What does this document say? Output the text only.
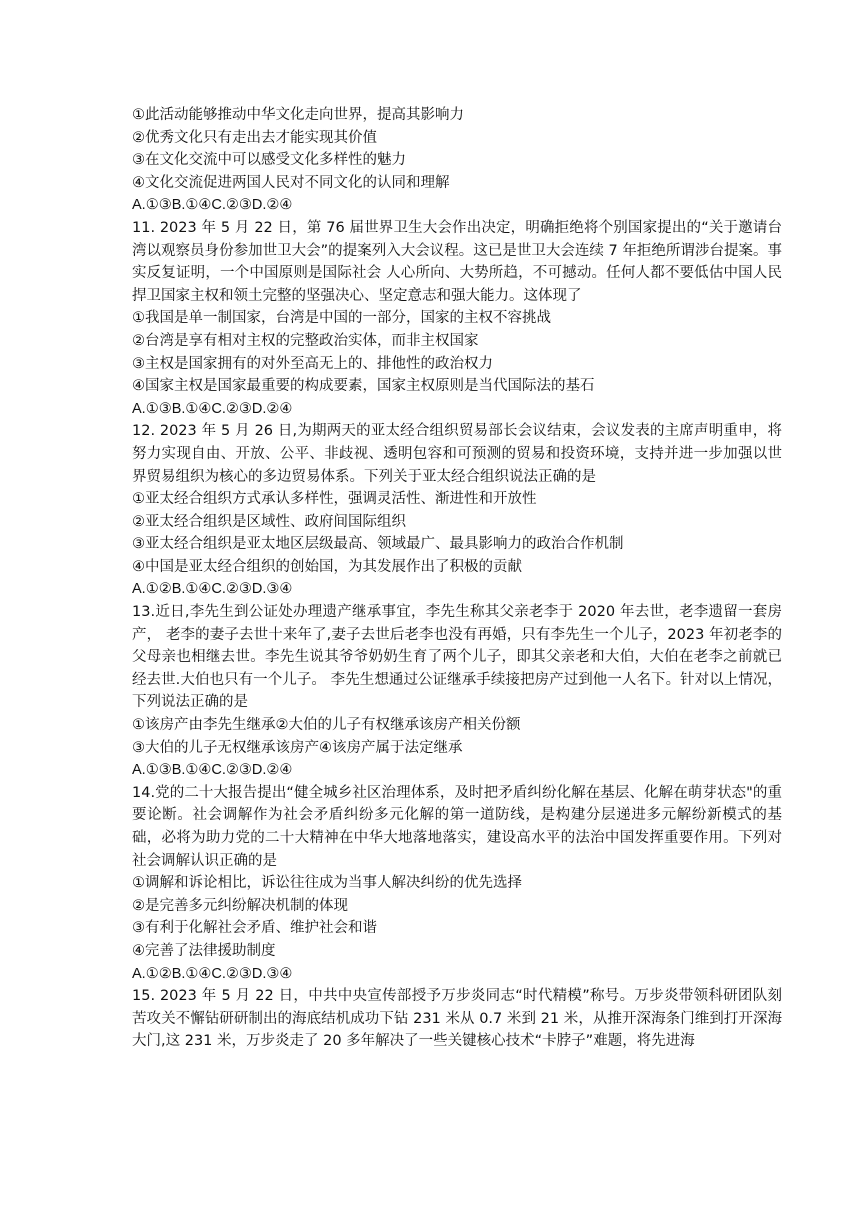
①此活动能够推动中华文化走向世界，提高其影响力

②优秀文化只有走出去才能实现其价值

③在文化交流中可以感受文化多样性的魅力

④文化交流促进两国人民对不同文化的认同和理解

A.①③B.①④C.②③D.②④

11. 2023 年 5 月 22 日，第 76 届世界卫生大会作出决定，明确拒绝将个别国家提出的“关于邀请台湾以观察员身份参加世卫大会”的提案列入大会议程。这已是世卫大会连续 7 年拒绝所谓涉台提案。事实反复证明，一个中国原则是国际社会 人心所向、大势所趋，不可撼动。任何人都不要低估中国人民捍卫国家主权和领土完整的坚强决心、坚定意志和强大能力。这体现了

①我国是单一制国家，台湾是中国的一部分，国家的主权不容挑战

②台湾是享有相对主权的完整政治实体，而非主权国家

③主权是国家拥有的对外至高无上的、排他性的政治权力

④国家主权是国家最重要的构成要素，国家主权原则是当代国际法的基石

A.①③B.①④C.②③D.②④

12. 2023 年 5 月 26 日,为期两天的亚太经合组织贸易部长会议结束，会议发表的主席声明重申，将努力实现自由、开放、公平、非歧视、透明包容和可预测的贸易和投资环境，支持并进一步加强以世界贸易组织为核心的多边贸易体系。下列关于亚太经合组织说法正确的是

①亚太经合组织方式承认多样性，强调灵活性、渐进性和开放性

②亚太经合组织是区域性、政府间国际组织

③亚太经合组织是亚太地区层级最高、领域最广、最具影响力的政治合作机制

④中国是亚太经合组织的创始国，为其发展作出了积极的贡献

A.①②B.①④C.②③D.③④

13.近日,李先生到公证处办理遗产继承事宜，李先生称其父亲老李于 2020 年去世，老李遗留一套房产， 老李的妻子去世十来年了,妻子去世后老李也没有再婚，只有李先生一个儿子，2023 年初老李的父母亲也相继去世。李先生说其爷爷奶奶生育了两个儿子，即其父亲老和大伯，大伯在老李之前就已经去世.大伯也只有一个儿子。 李先生想通过公证继承手续接把房产过到他一人名下。针对以上情况，下列说法正确的是

①该房产由李先生继承②大伯的儿子有权继承该房产相关份额

③大伯的儿子无权继承该房产④该房产属于法定继承

A.①③B.①④C.②③D.②④

14.党的二十大报告提出“健全城乡社区治理体系，及时把矛盾纠纷化解在基层、化解在萌芽状态"的重要论断。社会调解作为社会矛盾纠纷多元化解的第一道防线，是构建分层递进多元解纷新模式的基础，必将为助力党的二十大精神在中华大地落地落实，建设高水平的法治中国发挥重要作用。下列对社会调解认识正确的是

①调解和诉论相比，诉讼往往成为当事人解决纠纷的优先选择

②是完善多元纠纷解决机制的体现

③有利于化解社会矛盾、维护社会和谐

④完善了法律援助制度

A.①②B.①④C.②③D.③④

15. 2023 年 5 月 22 日，中共中央宣传部授予万步炎同志“时代精模”称号。万步炎带领科研团队刻苦攻关不懈钻研研制出的海底结机成功下钻 231 米从 0.7 米到 21 米，从推开深海条门维到打开深海大门,这 231 米，万步炎走了 20 多年解决了一些关键核心技术“卡脖子”难题，将先进海
